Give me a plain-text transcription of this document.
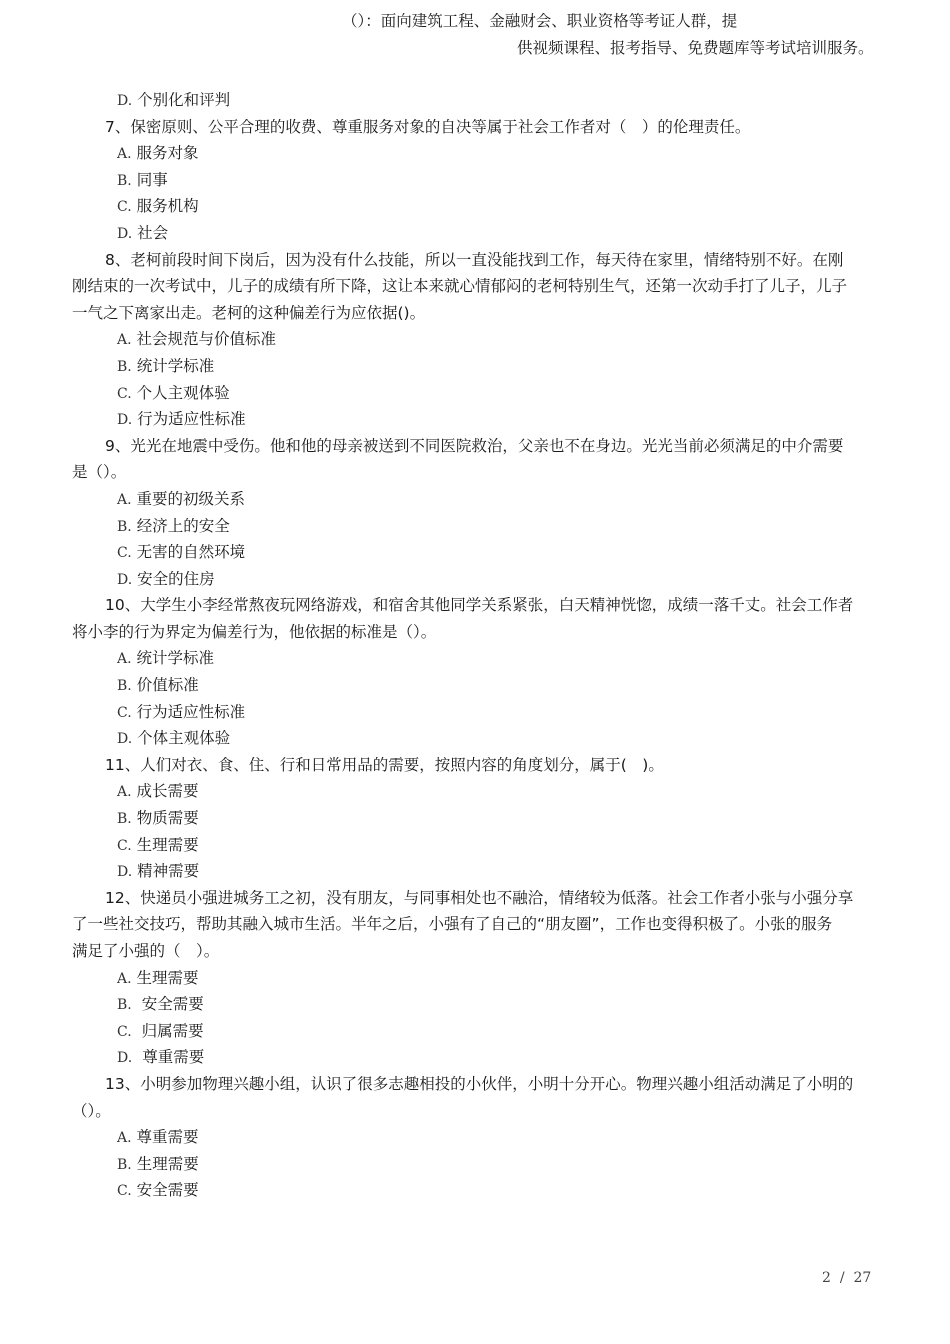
（）：面向建筑工程、金融财会、职业资格等考证人群，提
供视频课程、报考指导、免费题库等考试培训服务。
D. 个别化和评判
7、保密原则、公平合理的收费、尊重服务对象的自决等属于社会工作者对（　）的伦理责任。
A. 服务对象
B. 同事
C. 服务机构
D. 社会
8、老柯前段时间下岗后，因为没有什么技能，所以一直没能找到工作，每天待在家里，情绪特别不好。在刚
刚结束的一次考试中，儿子的成绩有所下降，这让本来就心情郁闷的老柯特别生气，还第一次动手打了儿子，儿子
一气之下离家出走。老柯的这种偏差行为应依据()。
A. 社会规范与价值标准
B. 统计学标准
C. 个人主观体验
D. 行为适应性标准
9、光光在地震中受伤。他和他的母亲被送到不同医院救治，父亲也不在身边。光光当前必须满足的中介需要
是（）。
A. 重要的初级关系
B. 经济上的安全
C. 无害的自然环境
D. 安全的住房
10、大学生小李经常熬夜玩网络游戏，和宿舍其他同学关系紧张，白天精神恍惚，成绩一落千丈。社会工作者
将小李的行为界定为偏差行为，他依据的标准是（）。
A. 统计学标准
B. 价值标准
C. 行为适应性标准
D. 个体主观体验
11、人们对衣、食、住、行和日常用品的需要，按照内容的角度划分，属于(　)。
A. 成长需要
B. 物质需要
C. 生理需要
D. 精神需要
12、快递员小强进城务工之初，没有朋友，与同事相处也不融洽，情绪较为低落。社会工作者小张与小强分享
了一些社交技巧，帮助其融入城市生活。半年之后，小强有了自己的“朋友圈”，工作也变得积极了。小张的服务
满足了小强的（　）。
A. 生理需要
B. 安全需要
C. 归属需要
D. 尊重需要
13、小明参加物理兴趣小组，认识了很多志趣相投的小伙伴，小明十分开心。物理兴趣小组活动满足了小明的
（）。
A. 尊重需要
B. 生理需要
C. 安全需要
2 / 27
